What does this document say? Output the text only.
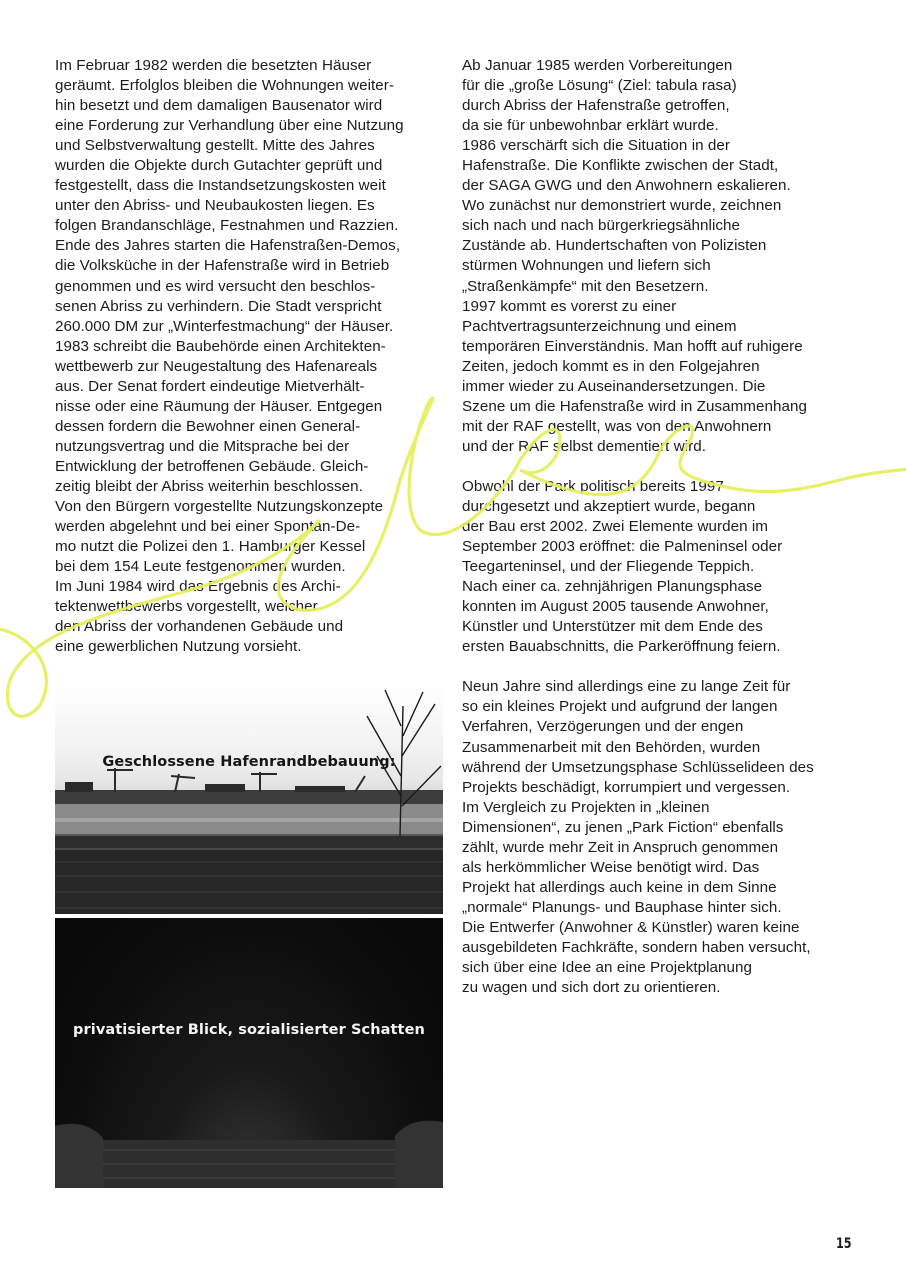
Im Februar 1982 werden die besetzten Häuser
geräumt. Erfolglos bleiben die Wohnungen weiter-
hin besetzt und dem damaligen Bausenator wird
eine Forderung zur Verhandlung über eine Nutzung
und Selbstverwaltung gestellt. Mitte des Jahres
wurden die Objekte durch Gutachter geprüft und
festgestellt, dass die Instandsetzungskosten weit
unter den Abriss- und Neubaukosten liegen. Es
folgen Brandanschläge, Festnahmen und Razzien.
Ende des Jahres starten die Hafenstraßen-Demos,
die Volksküche in der Hafenstraße wird in Betrieb
genommen und es wird versucht den beschlos-
senen Abriss zu verhindern. Die Stadt verspricht
260.000 DM zur „Winterfestmachung“ der Häuser.
1983 schreibt die Baubehörde einen Architekten-
wettbewerb zur Neugestaltung des Hafenareals
aus. Der Senat fordert eindeutige Mietverhält-
nisse oder eine Räumung der Häuser. Entgegen
dessen fordern die Bewohner einen General-
nutzungsvertrag und die Mitsprache bei der
Entwicklung der betroffenen Gebäude. Gleich-
zeitig bleibt der Abriss weiterhin beschlossen.
Von den Bürgern vorgestellte Nutzungskonzepte
werden abgelehnt und bei einer Spontan-De-
mo nutzt die Polizei den 1. Hamburger Kessel
bei dem 154 Leute festgenommen wurden.
Im Juni 1984 wird das Ergebnis des Archi-
tektenwettbewerbs vorgestellt, welcher
den Abriss der vorhandenen Gebäude und
eine gewerblichen Nutzung vorsieht.
Ab Januar 1985 werden Vorbereitungen
für die „große Lösung“ (Ziel: tabula rasa)
durch Abriss der Hafenstraße getroffen,
da sie für unbewohnbar erklärt wurde.
1986 verschärft sich die Situation in der
Hafenstraße. Die Konflikte zwischen der Stadt,
der SAGA GWG und den Anwohnern eskalieren.
Wo zunächst nur demonstriert wurde, zeichnen
sich nach und nach bürgerkriegsähnliche
Zustände ab. Hundertschaften von Polizisten
stürmen Wohnungen und liefern sich
„Straßenkämpfe“ mit den Besetzern.
1997 kommt es vorerst zu einer
Pachtvertragsunterzeichnung und einem
temporären Einverständnis. Man hofft auf ruhigere
Zeiten, jedoch kommt es in den Folgejahren
immer wieder zu Auseinandersetzungen. Die
Szene um die Hafenstraße wird in Zusammenhang
mit der RAF gestellt, was von den Anwohnern
und der RAF selbst dementiert wird.
Obwohl der Park politisch bereits 1997
durchgesetzt und akzeptiert wurde, begann
der Bau erst 2002. Zwei Elemente wurden im
September 2003 eröffnet: die Palmeninsel oder
Teegarteninsel, und der Fliegende Teppich.
Nach einer ca. zehnjährigen Planungsphase
konnten im August 2005 tausende Anwohner,
Künstler und Unterstützer mit dem Ende des
ersten Bauabschnitts, die Parkeröffnung feiern.
Neun Jahre sind allerdings eine zu lange Zeit für
so ein kleines Projekt und aufgrund der langen
Verfahren, Verzögerungen und der engen
Zusammenarbeit mit den Behörden, wurden
während der Umsetzungsphase Schlüsselideen des
Projekts beschädigt, korrumpiert und vergessen.
Im Vergleich zu Projekten in „kleinen
Dimensionen“, zu jenen „Park Fiction“ ebenfalls
zählt, wurde mehr Zeit in Anspruch genommen
als herkömmlicher Weise benötigt wird. Das
Projekt hat allerdings auch keine in dem Sinne
„normale“ Planungs- und Bauphase hinter sich.
Die Entwerfer (Anwohner & Künstler) waren keine
ausgebildeten Fachkräfte, sondern haben versucht,
sich über eine Idee an eine Projektplanung
zu wagen und sich dort zu orientieren.
Geschlossene Hafenrandbebauung:
privatisierter Blick, sozialisierter Schatten
15
